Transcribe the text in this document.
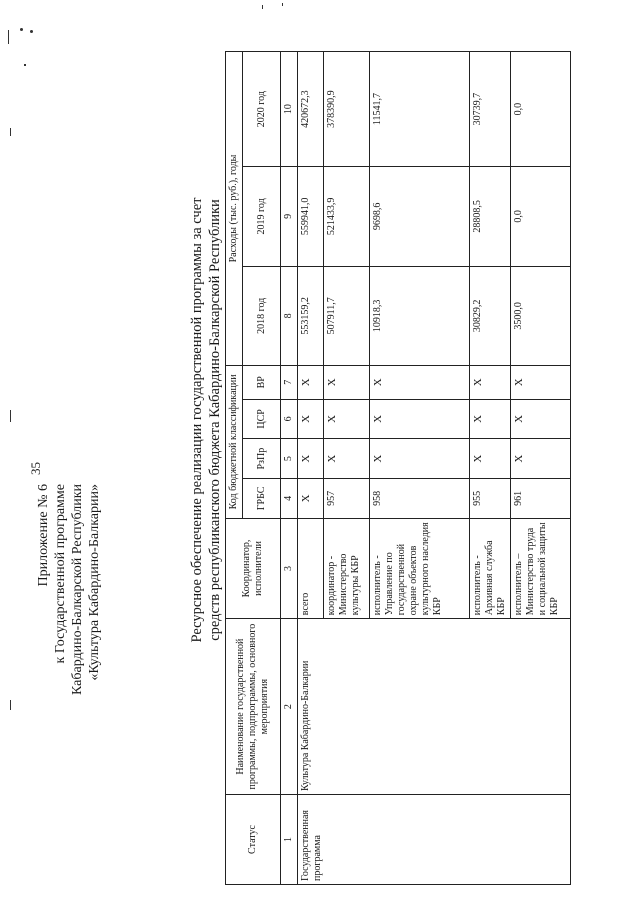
35
Приложение № 6 к Государственной программе Кабардино-Балкарской Республики «Культура Кабардино-Балкарии»	Ресурсное обеспечение реализации государственной программы за счет средств республиканского бюджета Кабардино-Балкарской Республики
Статус	Наименование государственной программы, подпрограммы, основного мероприятия	Координатор, исполнители	Код бюджетной классификации				Расходы (тыс. руб.), годы		
			ГРБС	РзПр	ЦСР	ВР	2018 год	2019 год	2020 год
1	2	3	4	5	6	7	8	9	10
Государственная программа	Культура Кабардино-Балкарии	всего	X	X	X	X	553159,2	559941,0	420672,3
		координатор - Министерство культуры КБР	957	X	X	X	507911,7	521433,9	378390,9
		исполнитель - Управление по государственной охране объектов культурного наследия КБР	958	X	X	X	10918,3	9698,6	11541,7
		исполнитель - Архивная служба КБР	955	X	X	X	30829,2	28808,5	30739,7
		исполнитель – Министерство труда и социальной защиты КБР	961	X	X	X	3500,0	0,0	0,0
